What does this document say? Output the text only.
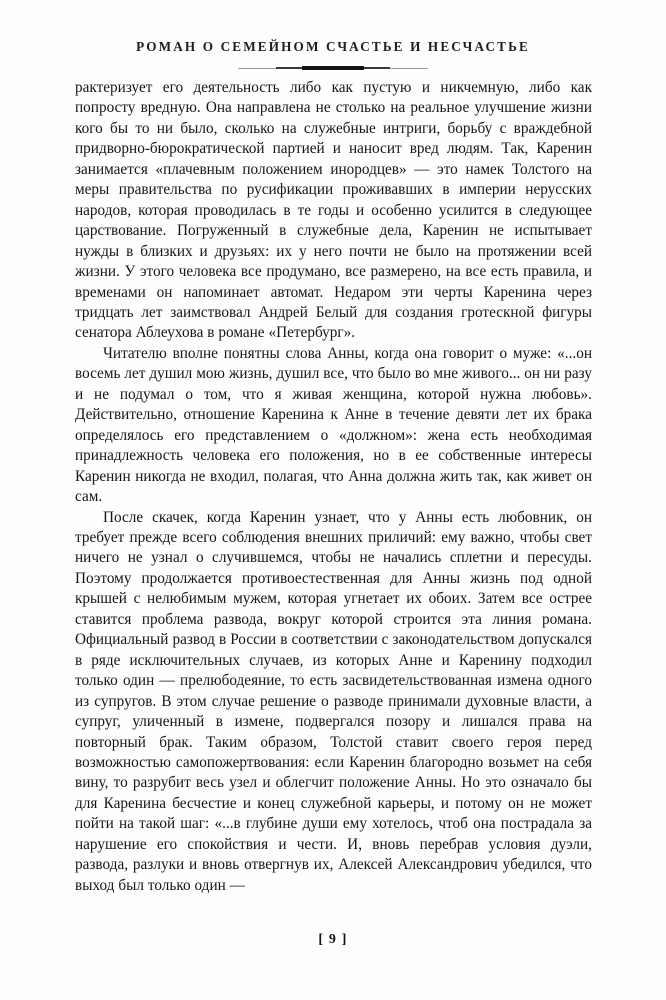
РОМАН О СЕМЕЙНОМ СЧАСТЬЕ И НЕСЧАСТЬЕ

рактеризует его деятельность либо как пустую и никчемную, либо как попросту вредную. Она направлена не столько на реальное улучшение жизни кого бы то ни было, сколько на служебные интриги, борьбу с враждебной придворно-бюрократической партией и наносит вред людям. Так, Каренин занимается «плачевным положением инородцев» — это намек Толстого на меры правительства по русификации проживавших в империи нерусских народов, которая проводилась в те годы и особенно усилится в следующее царствование. Погруженный в служебные дела, Каренин не испытывает нужды в близких и друзьях: их у него почти не было на протяжении всей жизни. У этого человека все продумано, все размерено, на все есть правила, и временами он напоминает автомат. Недаром эти черты Каренина через тридцать лет заимствовал Андрей Белый для создания гротескной фигуры сенатора Аблеухова в романе «Петербург».

Читателю вполне понятны слова Анны, когда она говорит о муже: «...он восемь лет душил мою жизнь, душил все, что было во мне живого... он ни разу и не подумал о том, что я живая женщина, которой нужна любовь». Действительно, отношение Каренина к Анне в течение девяти лет их брака определялось его представлением о «должном»: жена есть необходимая принадлежность человека его положения, но в ее собственные интересы Каренин никогда не входил, полагая, что Анна должна жить так, как живет он сам.

После скачек, когда Каренин узнает, что у Анны есть любовник, он требует прежде всего соблюдения внешних приличий: ему важно, чтобы свет ничего не узнал о случившемся, чтобы не начались сплетни и пересуды. Поэтому продолжается противоестественная для Анны жизнь под одной крышей с нелюбимым мужем, которая угнетает их обоих. Затем все острее ставится проблема развода, вокруг которой строится эта линия романа. Официальный развод в России в соответствии с законодательством допускался в ряде исключительных случаев, из которых Анне и Каренину подходил только один — прелюбодеяние, то есть засвидетельствованная измена одного из супругов. В этом случае решение о разводе принимали духовные власти, а супруг, уличенный в измене, подвергался позору и лишался права на повторный брак. Таким образом, Толстой ставит своего героя перед возможностью самопожертвования: если Каренин благородно возьмет на себя вину, то разрубит весь узел и облегчит положение Анны. Но это означало бы для Каренина бесчестие и конец служебной карьеры, и потому он не может пойти на такой шаг: «...в глубине души ему хотелось, чтоб она пострадала за нарушение его спокойствия и чести. И, вновь перебрав условия дуэли, развода, разлуки и вновь отвергнув их, Алексей Александрович убедился, что выход был только один —

[ 9 ]
